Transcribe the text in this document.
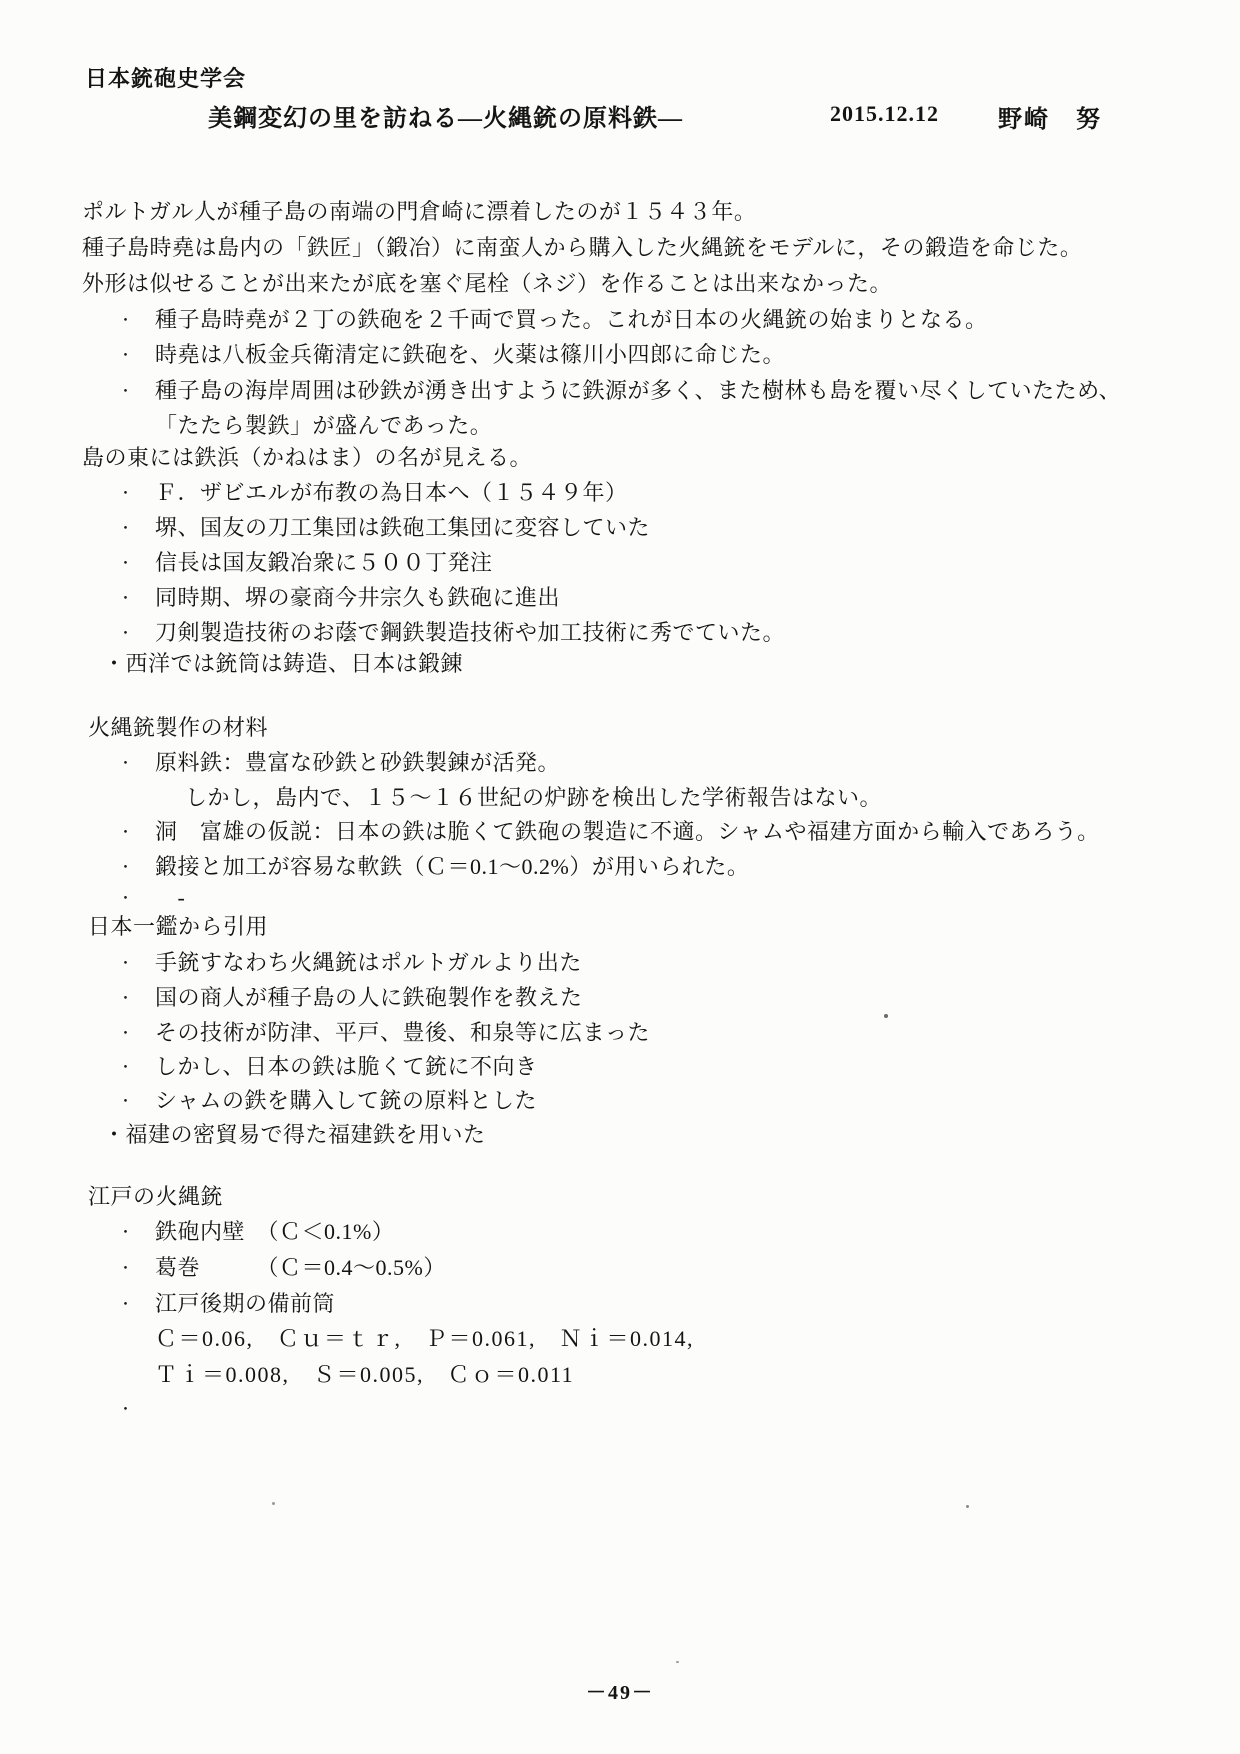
日本銃砲史学会
美鋼変幻の里を訪ねる―火縄銃の原料鉄―	2015.12.12 野崎　努
ポルトガル人が種子島の南端の門倉崎に漂着したのが１５４３年。
種子島時堯は島内の「鉄匠」（鍛冶）に南蛮人から購入した火縄銃をモデルに，その鍛造を命じた。
外形は似せることが出来たが底を塞ぐ尾栓（ネジ）を作ることは出来なかった。
・ 種子島時堯が２丁の鉄砲を２千両で買った。これが日本の火縄銃の始まりとなる。
・ 時堯は八板金兵衛清定に鉄砲を、火薬は篠川小四郎に命じた。
・ 種子島の海岸周囲は砂鉄が湧き出すように鉄源が多く、また樹林も島を覆い尽くしていたため、
「たたら製鉄」が盛んであった。
島の東には鉄浜（かねはま）の名が見える。
・ Ｆ．ザビエルが布教の為日本へ（１５４９年）
・ 堺、国友の刀工集団は鉄砲工集団に変容していた
・ 信長は国友鍛冶衆に５００丁発注
・ 同時期、堺の豪商今井宗久も鉄砲に進出
・ 刀剣製造技術のお蔭で鋼鉄製造技術や加工技術に秀でていた。
・西洋では銃筒は鋳造、日本は鍛錬
火縄銃製作の材料
・ 原料鉄：豊富な砂鉄と砂鉄製錬が活発。
しかし，島内で、１５～１６世紀の炉跡を検出した学術報告はない。
・ 洞　富雄の仮説：日本の鉄は脆くて鉄砲の製造に不適。シャムや福建方面から輸入であろう。
・ 鍛接と加工が容易な軟鉄（Ｃ＝0.1～0.2%）が用いられた。
・　-
日本一鑑から引用
・ 手銃すなわち火縄銃はポルトガルより出た
・ 国の商人が種子島の人に鉄砲製作を教えた
・ その技術が防津、平戸、豊後、和泉等に広まった
・ しかし、日本の鉄は脆くて銃に不向き
・ シャムの鉄を購入して銃の原料とした
・福建の密貿易で得た福建鉄を用いた
江戸の火縄銃
・ 鉄砲内壁　（Ｃ＜0.1%）
・ 葛巻　　　（Ｃ＝0.4～0.5%）
・ 江戸後期の備前筒
Ｃ＝0.06,　Ｃｕ＝ｔｒ,　Ｐ＝0.061,　Ｎｉ＝0.014,
Ｔｉ＝0.008,　Ｓ＝0.005,　Ｃｏ＝0.011
・
－49－
